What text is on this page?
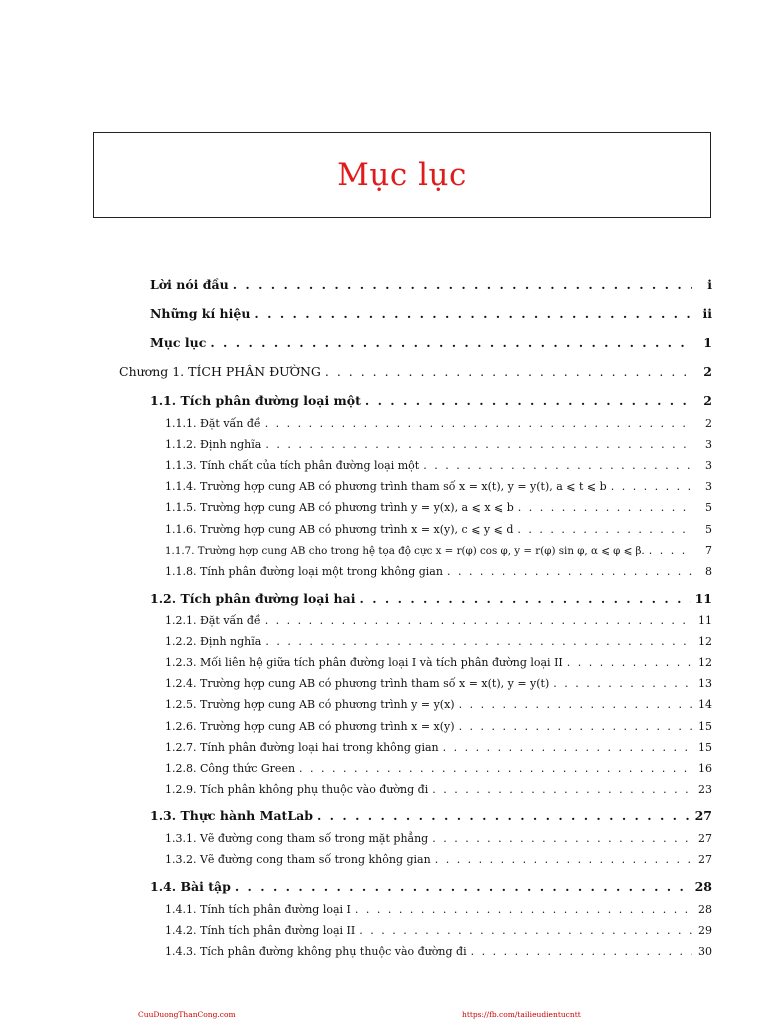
Mục lục
Lời nói đầu . . .	i
Những kí hiệu . . .	ii
Mục lục . . .	1
Chương 1. TÍCH PHÂN ĐƯỜNG . . .	2
1.1. Tích phân đường loại một . . .	2
1.1.1. Đặt vấn đề . . .	2
1.1.2. Định nghĩa . . .	3
1.1.3. Tính chất của tích phân đường loại một . . .	3
1.1.4. Trường hợp cung AB có phương trình tham số x = x(t), y = y(t), a ⩽ t ⩽ b . . .	3
1.1.5. Trường hợp cung AB có phương trình y = y(x), a ⩽ x ⩽ b . . .	5
1.1.6. Trường hợp cung AB có phương trình x = x(y), c ⩽ y ⩽ d . . .	5
1.1.7. Trường hợp cung AB cho trong hệ tọa độ cực x = r(φ) cos φ, y = r(φ) sin φ, α ⩽ φ ⩽ β. . . .	7
1.1.8. Tính phân đường loại một trong không gian . . .	8
1.2. Tích phân đường loại hai . . .	11
1.2.1. Đặt vấn đề . . .	11
1.2.2. Định nghĩa . . .	12
1.2.3. Mối liên hệ giữa tích phân đường loại I và tích phân đường loại II . . .	12
1.2.4. Trường hợp cung AB có phương trình tham số x = x(t), y = y(t) . . .	13
1.2.5. Trường hợp cung AB có phương trình y = y(x) . . .	14
1.2.6. Trường hợp cung AB có phương trình x = x(y) . . .	15
1.2.7. Tính phân đường loại hai trong không gian . . .	15
1.2.8. Công thức Green . . .	16
1.2.9. Tích phân không phụ thuộc vào đường đi . . .	23
1.3. Thực hành MatLab . . .	27
1.3.1. Vẽ đường cong tham số trong mặt phẳng . . .	27
1.3.2. Vẽ đường cong tham số trong không gian . . .	27
1.4. Bài tập . . .	28
1.4.1. Tính tích phân đường loại I . . .	28
1.4.2. Tính tích phân đường loại II . . .	29
1.4.3. Tích phân đường không phụ thuộc vào đường đi . . .	30
CuuDuongThanCong.com	https://fb.com/tailieudientucntt
